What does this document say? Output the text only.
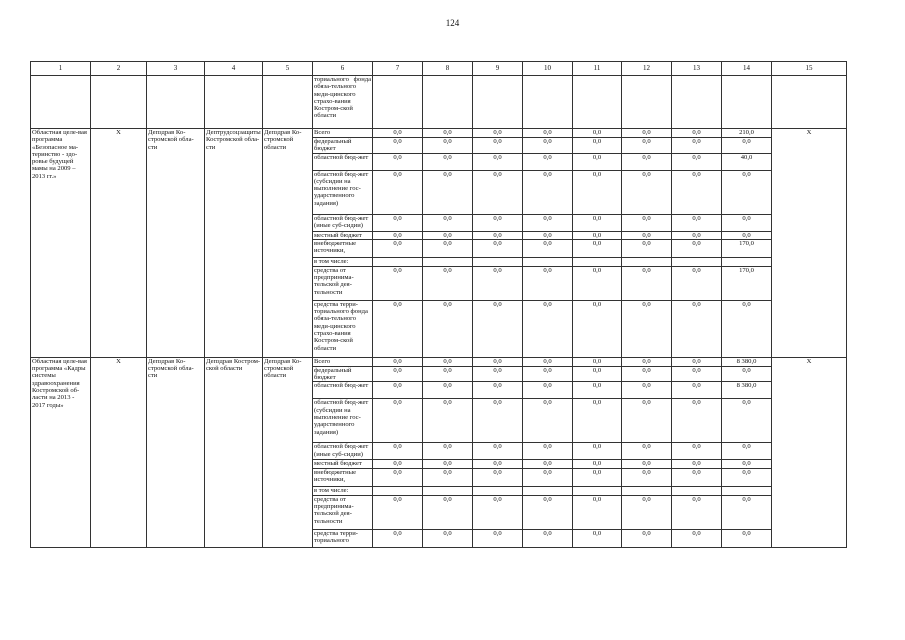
124
1	2	3	4	5	6	7	8	9	10	11	12	13	14	15
					ториального фонда обяза-тельного меди-цинского страхо-вания Костром-ской области									
Областная целе-вая программа «Безопасное ма-теринство - здо-ровье будущей мамы на 2009 – 2013 гг.»	X	Депздрав Ко-стромской обла-сти	Дептрудсоцзащиты Костромской обла-сти	Депздрав Ко-стромской области	Всего	0,0	0,0	0,0	0,0	0,0	0,0	0,0	210,0	X
					федеральный бюджет	0,0	0,0	0,0	0,0	0,0	0,0	0,0	0,0	
					областной бюд-жет	0,0	0,0	0,0	0,0	0,0	0,0	0,0	40,0	
					областной бюд-жет (субсидии на выполнение гос-ударственного задания)	0,0	0,0	0,0	0,0	0,0	0,0	0,0	0,0	
					областной бюд-жет (иные суб-сидии)	0,0	0,0	0,0	0,0	0,0	0,0	0,0	0,0	
					местный бюджет	0,0	0,0	0,0	0,0	0,0	0,0	0,0	0,0	
					внебюджетные источники,	0,0	0,0	0,0	0,0	0,0	0,0	0,0	170,0	
					в том числе:									
					средства от предпринима-тельской дея-тельности	0,0	0,0	0,0	0,0	0,0	0,0	0,0	170,0	
					средства терри-ториального фонда обяза-тельного меди-цинского страхо-вания Костром-ской области	0,0	0,0	0,0	0,0	0,0	0,0	0,0	0,0	
Областная целе-вая программа «Кадры системы здравоохранения Костромской об-ласти на 2013 - 2017 годы»	X	Депздрав Ко-стромской обла-сти	Депздрав Костром-ской области	Депздрав Ко-стромской области	Всего	0,0	0,0	0,0	0,0	0,0	0,0	0,0	8 380,0	X
					федеральный бюджет	0,0	0,0	0,0	0,0	0,0	0,0	0,0	0,0	
					областной бюд-жет	0,0	0,0	0,0	0,0	0,0	0,0	0,0	8 380,0	
					областной бюд-жет (субсидии на выполнение гос-ударственного задания)	0,0	0,0	0,0	0,0	0,0	0,0	0,0	0,0	
					областной бюд-жет (иные суб-сидии)	0,0	0,0	0,0	0,0	0,0	0,0	0,0	0,0	
					местный бюджет	0,0	0,0	0,0	0,0	0,0	0,0	0,0	0,0	
					внебюджетные источники,	0,0	0,0	0,0	0,0	0,0	0,0	0,0	0,0	
					в том числе:									
					средства от предпринима-тельской дея-тельности	0,0	0,0	0,0	0,0	0,0	0,0	0,0	0,0	
					средства терри-ториального	0,0	0,0	0,0	0,0	0,0	0,0	0,0	0,0	
